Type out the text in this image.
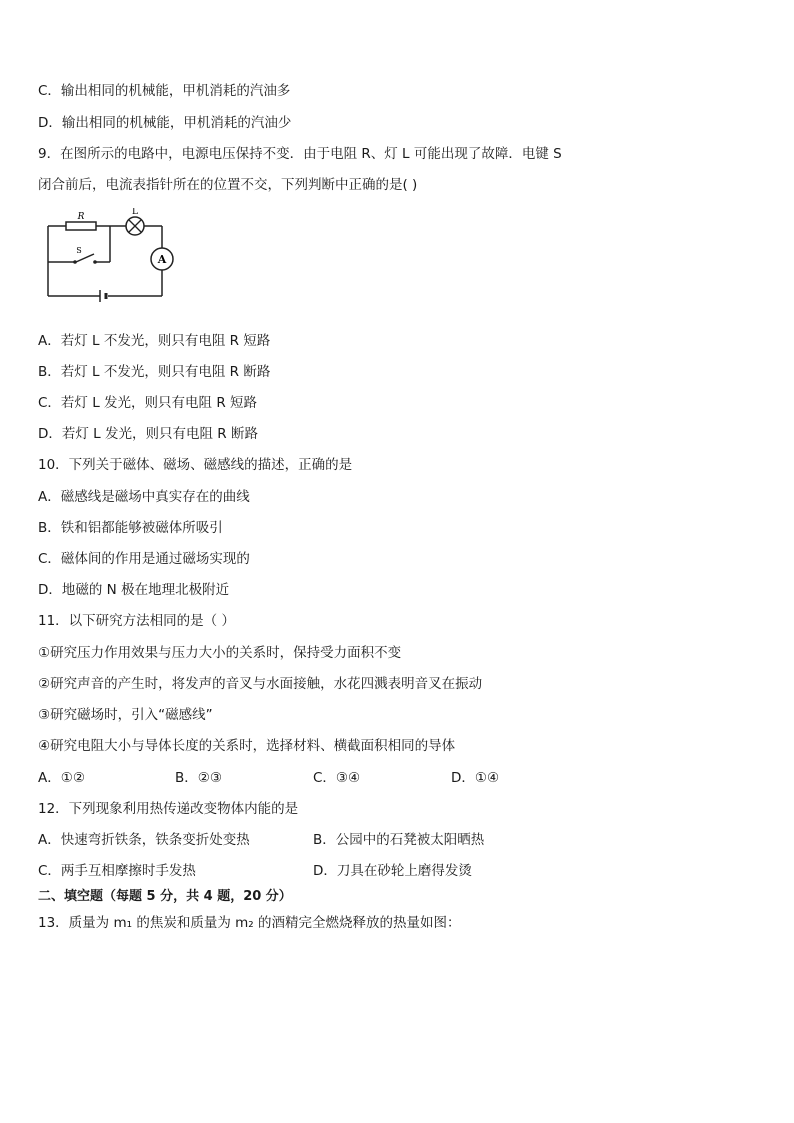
C．输出相同的机械能，甲机消耗的汽油多
D．输出相同的机械能，甲机消耗的汽油少
9．在图所示的电路中，电源电压保持不变．由于电阻 R、灯 L 可能出现了故障．电键 S
闭合前后，电流表指针所在的位置不交，下列判断中正确的是( )
R	L
S
A
A．若灯 L 不发光，则只有电阻 R 短路
B．若灯 L 不发光，则只有电阻 R 断路
C．若灯 L 发光，则只有电阻 R 短路
D．若灯 L 发光，则只有电阻 R 断路
10．下列关于磁体、磁场、磁感线的描述，正确的是
A．磁感线是磁场中真实存在的曲线
B．铁和铝都能够被磁体所吸引
C．磁体间的作用是通过磁场实现的
D．地磁的 N 极在地理北极附近
11．以下研究方法相同的是（ ）
①研究压力作用效果与压力大小的关系时，保持受力面积不变
②研究声音的产生时，将发声的音叉与水面接触，水花四溅表明音叉在振动
③研究磁场时，引入“磁感线”
④研究电阻大小与导体长度的关系时，选择材料、横截面积相同的导体
A．①②	B．②③	C．③④	D．①④
12．下列现象利用热传递改变物体内能的是
A．快速弯折铁条，铁条变折处变热	B．公园中的石凳被太阳晒热
C．两手互相摩擦时手发热	D．刀具在砂轮上磨得发烫
二、填空题（每题 5 分，共 4 题，20 分）
13．质量为 m₁ 的焦炭和质量为 m₂ 的酒精完全燃烧释放的热量如图：
